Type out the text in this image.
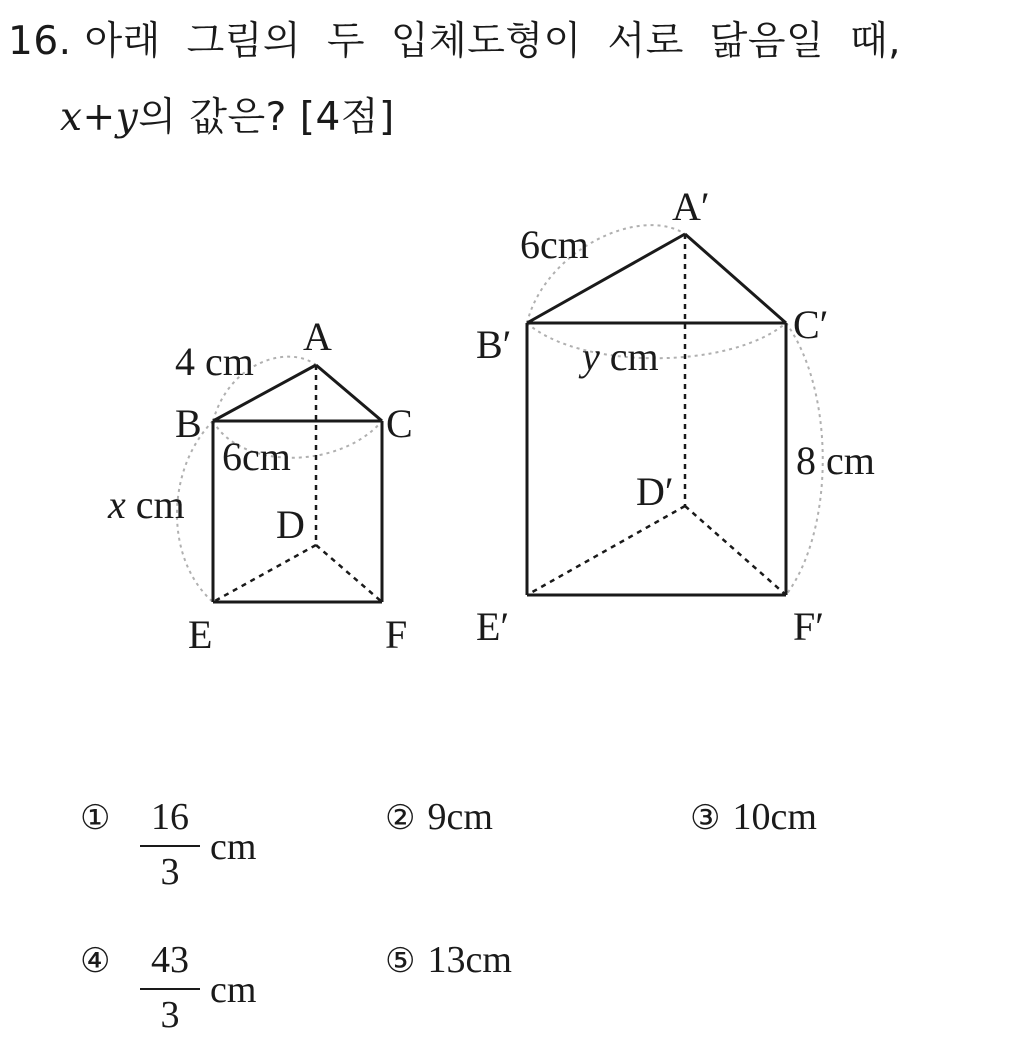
16. 아래  그림의  두  입체도형이  서로  닮음일  때,
x+y의 값은? [4점]
A
B	C
D
E	F
4 cm
6cm
x cm
A′
B′	C′
D′
E′	F′
6cm
y cm
8 cm
①	16
3
cm
② 9cm	③ 10cm
④	43
3
cm
⑤ 13cm
